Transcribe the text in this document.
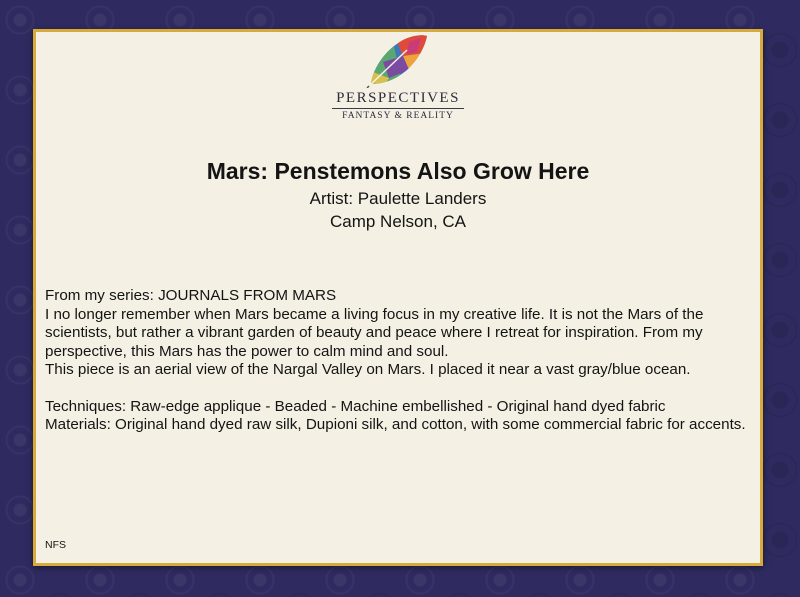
PERSPECTIVES
FANTASY & REALITY
Mars: Penstemons Also Grow Here
Artist: Paulette Landers
Camp Nelson, CA

From my series: JOURNALS FROM MARS

I no longer remember when Mars became a living focus in my creative life. It is not the Mars of the scientists, but rather a vibrant garden of beauty and peace where I retreat for inspiration. From my perspective, this Mars has the power to calm mind and soul.

This piece is an aerial view of the Nargal Valley on Mars. I placed it near a vast gray/blue ocean.

Techniques: Raw-edge applique - Beaded - Machine embellished - Original hand dyed fabric

Materials: Original hand dyed raw silk, Dupioni silk, and cotton, with some commercial fabric for accents.

NFS
